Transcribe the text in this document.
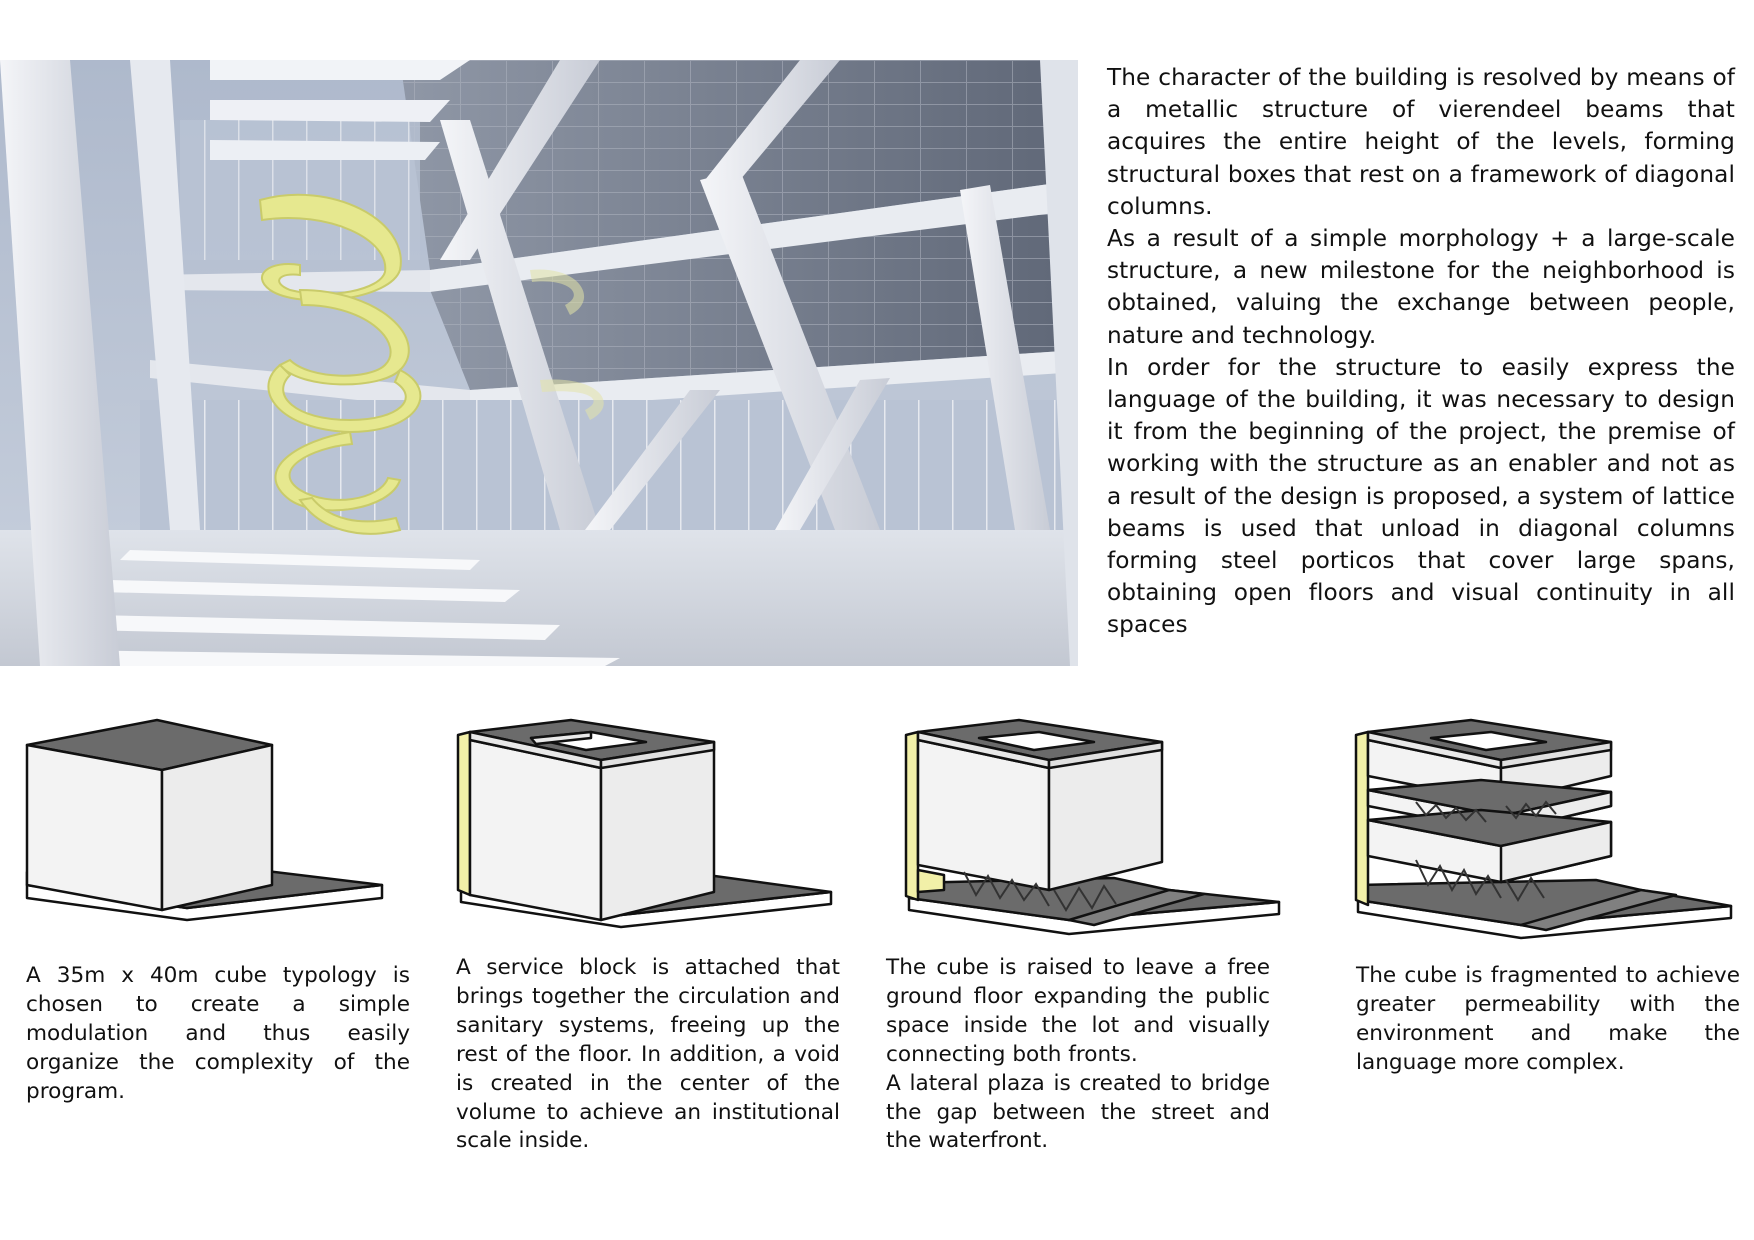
The character of the building is resolved by means of a metallic structure of vierendeel beams that acquires the entire height of the levels, forming structural boxes that rest on a framework of diagonal columns.

As a result of a simple morphology + a large-scale structure, a new milestone for the neighborhood is obtained, valuing the exchange between people, nature and technology.

In order for the structure to easily express the language of the building, it was necessary to design it from the beginning of the project, the premise of working with the structure as an enabler and not as a result of the design is proposed, a system of lattice beams is used that unload in diagonal columns forming steel porticos that cover large spans, obtaining open floors and visual continuity in all spaces

A 35m x 40m cube typology is chosen to create a simple modulation and thus easily organize the complexity of the program.

A service block is attached that brings together the circulation and sanitary systems, freeing up the rest of the floor. In addition, a void is created in the center of the volume to achieve an institutional scale inside.

The cube is raised to leave a free ground floor expanding the public space inside the lot and visually connecting both fronts.

A lateral plaza is created to bridge the gap between the street and the waterfront.

The cube is fragmented to achieve greater permeability with the environment and make the language more complex.
